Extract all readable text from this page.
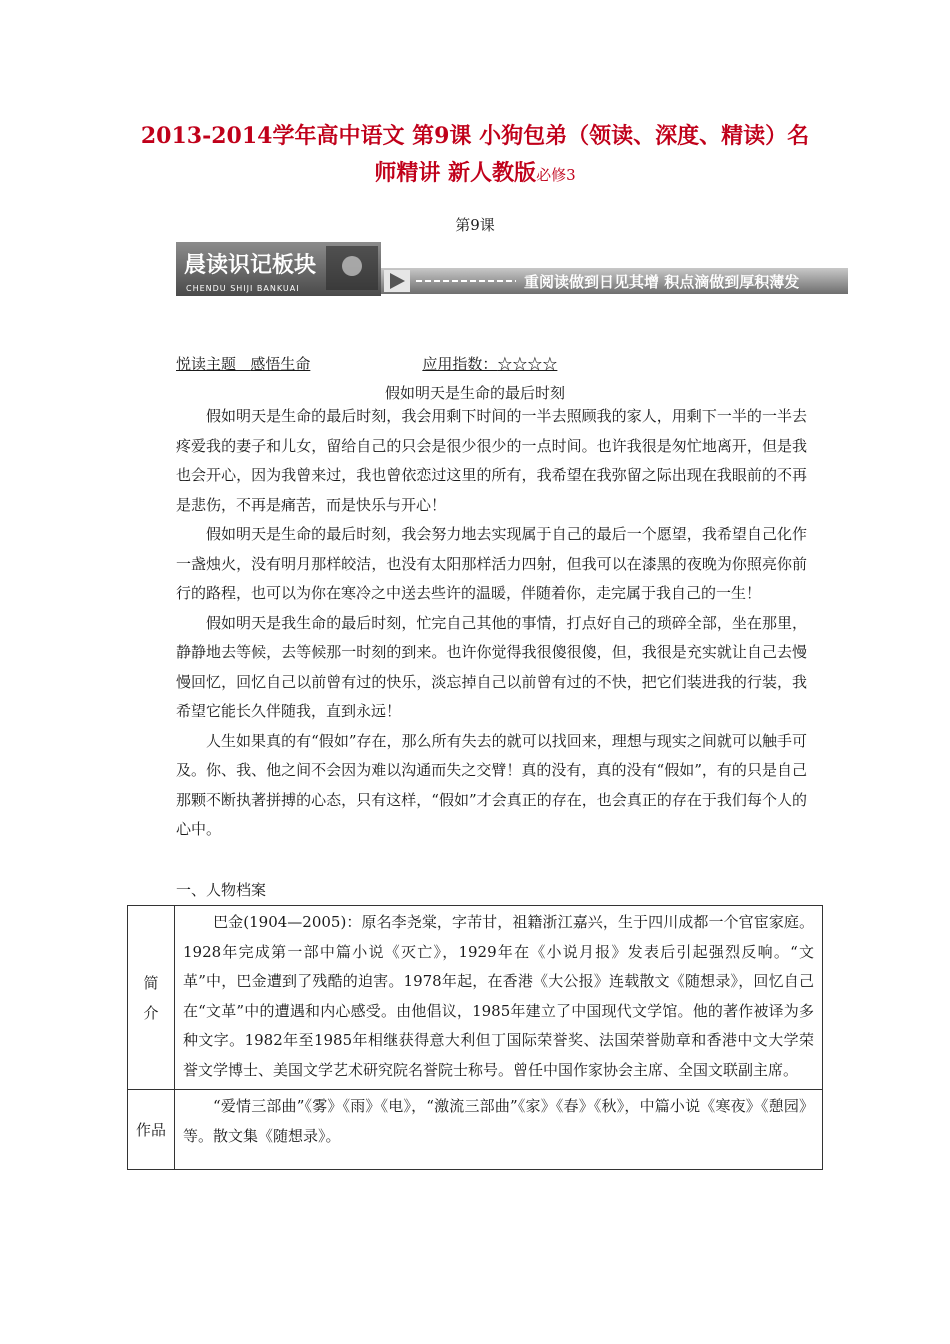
2013-2014学年高中语文 第9课 小狗包弟（领读、深度、精读）名师精讲 新人教版必修3
第9课
晨读识记板块
CHENDU SHIJI BANKUAI	重阅读做到日见其增 积点滴做到厚积薄发
悦读主题 感悟生命	应用指数：☆☆☆☆
假如明天是生命的最后时刻

假如明天是生命的最后时刻，我会用剩下时间的一半去照顾我的家人，用剩下一半的一半去疼爱我的妻子和儿女，留给自己的只会是很少很少的一点时间。也许我很是匆忙地离开，但是我也会开心，因为我曾来过，我也曾依恋过这里的所有，我希望在我弥留之际出现在我眼前的不再是悲伤，不再是痛苦，而是快乐与开心！

假如明天是生命的最后时刻，我会努力地去实现属于自己的最后一个愿望，我希望自己化作一盏烛火，没有明月那样皎洁，也没有太阳那样活力四射，但我可以在漆黑的夜晚为你照亮你前行的路程，也可以为你在寒冷之中送去些许的温暖，伴随着你，走完属于我自己的一生！

假如明天是我生命的最后时刻，忙完自己其他的事情，打点好自己的琐碎全部，坐在那里，静静地去等候，去等候那一时刻的到来。也许你觉得我很傻很傻，但，我很是充实就让自己去慢慢回忆，回忆自己以前曾有过的快乐，淡忘掉自己以前曾有过的不快，把它们装进我的行装，我希望它能长久伴随我，直到永远！

人生如果真的有“假如”存在，那么所有失去的就可以找回来，理想与现实之间就可以触手可及。你、我、他之间不会因为难以沟通而失之交臂！真的没有，真的没有“假如”，有的只是自己那颗不断执著拼搏的心态，只有这样，“假如”才会真正的存在，也会真正的存在于我们每个人的心中。

一、人物档案
简介	巴金(1904—2005)：原名李尧棠，字芾甘，祖籍浙江嘉兴，生于四川成都一个官宦家庭。1928年完成第一部中篇小说《灭亡》，1929年在《小说月报》发表后引起强烈反响。“文革”中，巴金遭到了残酷的迫害。1978年起，在香港《大公报》连载散文《随想录》，回忆自己在“文革”中的遭遇和内心感受。由他倡议，1985年建立了中国现代文学馆。他的著作被译为多种文字。1982年至1985年相继获得意大利但丁国际荣誉奖、法国荣誉勋章和香港中文大学荣誉文学博士、美国文学艺术研究院名誉院士称号。曾任中国作家协会主席、全国文联副主席。

作品	“爱情三部曲”《雾》《雨》《电》，“激流三部曲”《家》《春》《秋》，中篇小说《寒夜》《憩园》等。散文集《随想录》。
